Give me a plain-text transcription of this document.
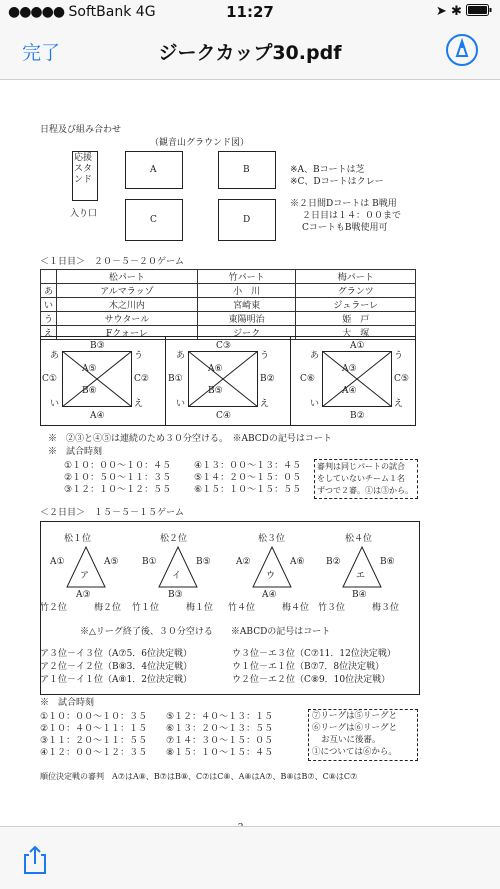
●●●●● SoftBank 4G	11:27	➤ ✱
完了	ジークカップ30.pdf
日程及び組み合わせ
（観音山グラウンド図）
応援スタンド
入り口
A	B
C	D
※A、Bコートは芝
※C、Dコートはクレー
※２日間Dコートは B戦用
２日目は１４：００まで
CコートもB戦使用可
＜１日目＞　２０－５－２０ゲーム
	松パート	竹パート	梅パート
あ	アルマラッゾ	小　川	グランツ
い	木之川内	宮崎東	ジュラーレ
う	サウタール	東陽明治	姫　戸
え	Fクォーレ	ジーク	大　塚
B③
C①	C②
A④
A⑤
B⑥
あ	う
い	え
C③
B①	B②
C④
A⑥
B⑤
あ	う
い	え
A①
C⑥	C⑤
B②
A③
A④
あ	う
い	え
※　②③と④⑤は連続のため３０分空ける。　※ABCDの記号はコート
※　試合時刻
①１０：００～１０：４５
②１０：５０～１１：３５
③１２：１０～１２：５５
④１３：００～１３：４５
⑤１４：２０～１５：０５
⑥１５：１０～１５：５５
審判は同じパートの試合
をしていないチーム１名
ずつで２審。①は③から。
＜２日目＞　１５－５－１５ゲーム
松１位
A①	A⑤
ア
A③
松２位
B①	B⑤
イ
B③
松３位
A②	A⑥
ウ
A④
松４位
B②	B⑥
エ
B④
竹２位	梅２位 竹１位	梅１位 竹４位	梅４位 竹３位	梅３位
※△リーグ終了後、３０分空ける　　※ABCDの記号はコート
ア３位－イ３位（A⑦5．6位決定戦）
ア２位－イ２位（B⑧3．4位決定戦）
ア１位－イ１位（A⑧1．2位決定戦）
ウ３位－エ３位（C⑦11．12位決定戦）
ウ１位－エ１位（B⑦7．8位決定戦）
ウ２位－エ２位（C⑧9．10位決定戦）
※　試合時刻
①１０：００～１０：３５
②１０：４０～１１：１５
③１１：２０～１１：５５
④１２：００～１２：３５
⑤１２：４０～１３：１５
⑥１３：２０～１３：５５
⑦１４：３０～１５：０５
⑧１５：１０～１５：４５
⑦リーグは⑤リーグと
⑥リーグは⑥リーグと
お互いに後審。
①については⑥から。
順位決定戦の審判　A⑦はA⑧、B⑦はB⑧、C⑦はC⑧、A⑧はA⑦、B⑧はB⑦、C⑧はC⑦
